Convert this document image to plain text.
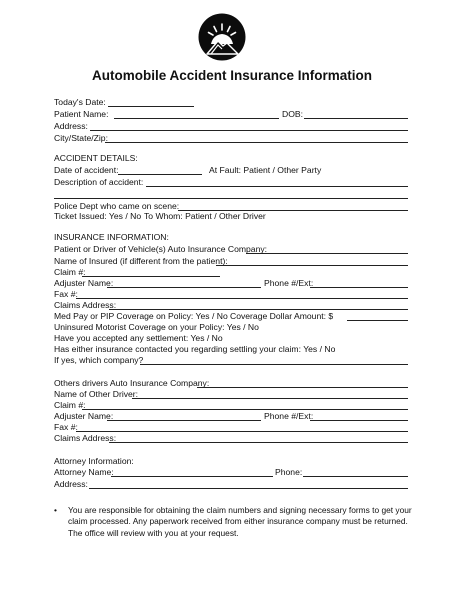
Automobile Accident Insurance Information
Today's Date:
Patient Name:	DOB:
Address:
City/State/Zip:
ACCIDENT DETAILS:
Date of accident:	At Fault: Patient / Other Party
Description of accident:
Police Dept who came on scene:
Ticket Issued: Yes / No To Whom: Patient / Other Driver
INSURANCE INFORMATION:
Patient or Driver of Vehicle(s) Auto Insurance Company:
Name of Insured (if different from the patient):
Claim #:
Adjuster Name:	Phone #/Ext:
Fax #:
Claims Address:
Med Pay or PIP Coverage on Policy: Yes / No Coverage Dollar Amount: $
Uninsured Motorist Coverage on your Policy: Yes / No
Have you accepted any settlement: Yes / No
Has either insurance contacted you regarding settling your claim: Yes / No
If yes, which company?
Others drivers Auto Insurance Company:
Name of Other Driver:
Claim #:
Adjuster Name:	Phone #/Ext:
Fax #:
Claims Address:
Attorney Information:
Attorney Name:	Phone:
Address:
• You are responsible for obtaining the claim numbers and signing necessary forms to get your claim processed. Any paperwork received from either insurance company must be returned. The office will review with you at your request.
